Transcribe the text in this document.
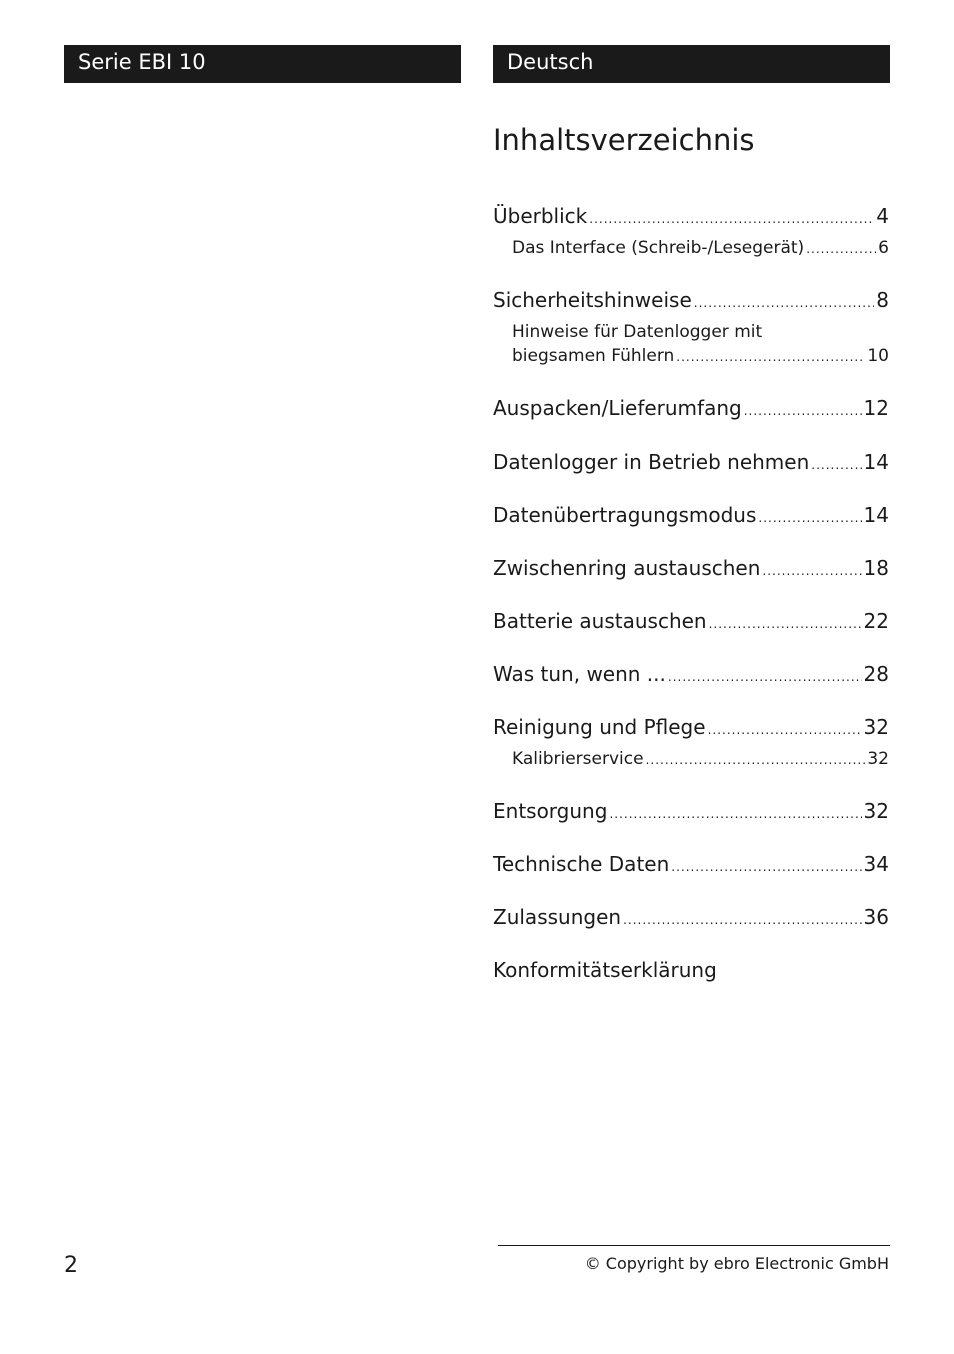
Serie EBI 10	Deutsch
Inhaltsverzeichnis
Überblick .....	4
Das Interface (Schreib-/Lesegerät) .....	6
Sicherheitshinweise .....	8
Hinweise für Datenlogger mit
biegsamen Fühlern .....	10
Auspacken/Lieferumfang .....	12
Datenlogger in Betrieb nehmen .....	14
Datenübertragungsmodus .....	14
Zwischenring austauschen .....	18
Batterie austauschen .....	22
Was tun, wenn ... .....	28
Reinigung und Pflege .....	32
Kalibrierservice .....	32
Entsorgung .....	32
Technische Daten .....	34
Zulassungen .....	36
Konformitätserklärung
2	© Copyright by ebro Electronic GmbH
